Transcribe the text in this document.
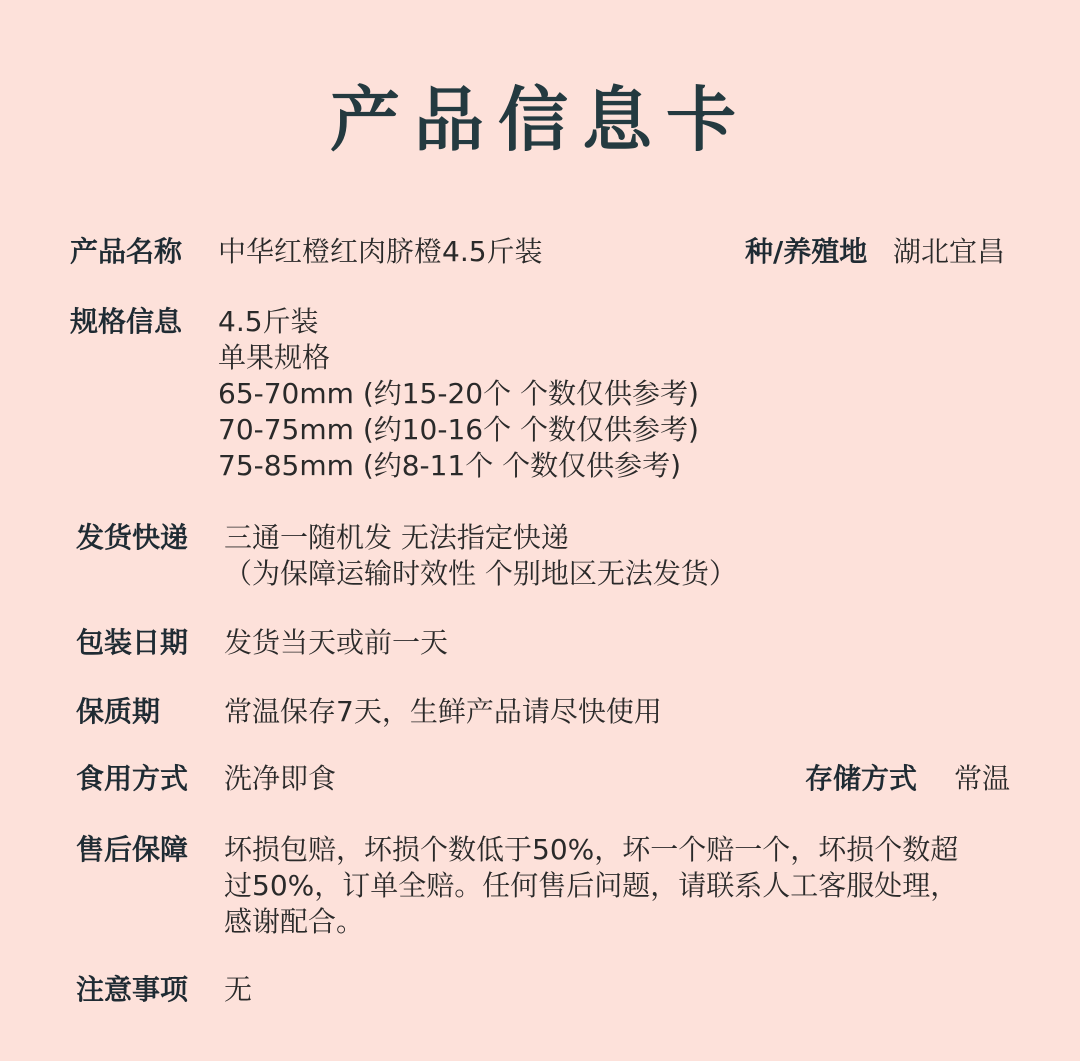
产品信息卡
产品名称 中华红橙红肉脐橙4.5斤装	种/养殖地 湖北宜昌
规格信息 4.5斤装
单果规格
65-70mm (约15-20个 个数仅供参考)
70-75mm (约10-16个 个数仅供参考)
75-85mm (约8-11个 个数仅供参考)
发货快递 三通一随机发 无法指定快递
（为保障运输时效性 个别地区无法发货）
包装日期 发货当天或前一天
保质期 常温保存7天，生鲜产品请尽快使用
食用方式 洗净即食	存储方式 常温
售后保障 坏损包赔，坏损个数低于50%，坏一个赔一个，坏损个数超
过50%，订单全赔。任何售后问题，请联系人工客服处理，
感谢配合。
注意事项 无
